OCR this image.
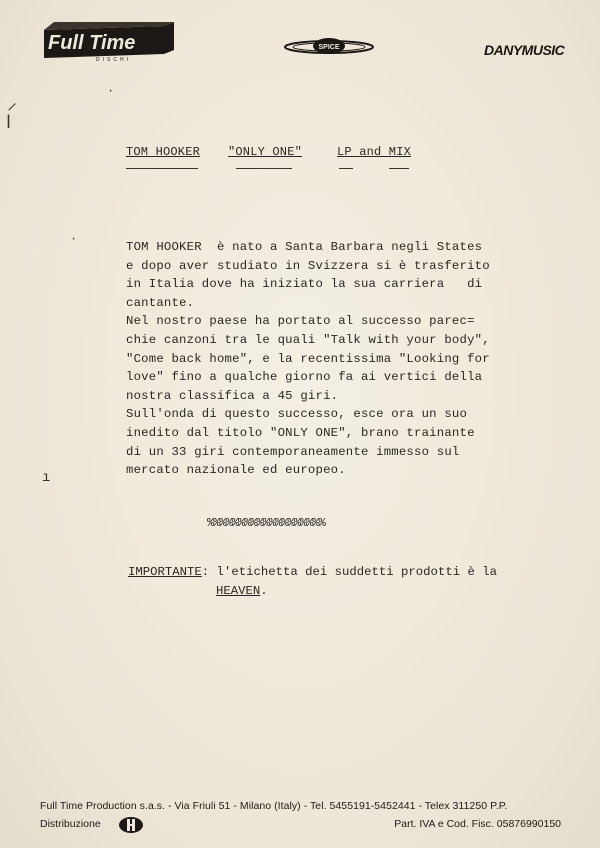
Full Time
DISCHI
SPICE	DANYMUSIC
·
⸝
ⅼ
·
ı
TOM HOOKER "ONLY ONE"	LP and MIX
TOM HOOKER  è nato a Santa Barbara negli States
e dopo aver studiato in Svizzera si è trasferito
in Italia dove ha iniziato la sua carriera   di
cantante.
Nel nostro paese ha portato al successo parec=
chie canzoni tra le quali "Talk with your body",
"Come back home", e la recentissima "Looking for
love" fino a qualche giorno fa ai vertici della
nostra classifica a 45 giri.
Sull'onda di questo successo, esce ora un suo
inedito dal titolo "ONLY ONE", brano trainante
di un 33 giri contemporaneamente immesso sul
mercato nazionale ed europeo.
%%%%%%%%%%%%%%%%%%%
IMPORTANTE: l'etichetta dei suddetti prodotti è la
HEAVEN.
Full Time Production s.a.s. - Via Friuli 51 - Milano (Italy) - Tel. 5455191-5452441 - Telex 311250 P.P.
Distribuzione	Part. IVA e Cod. Fisc. 05876990150
